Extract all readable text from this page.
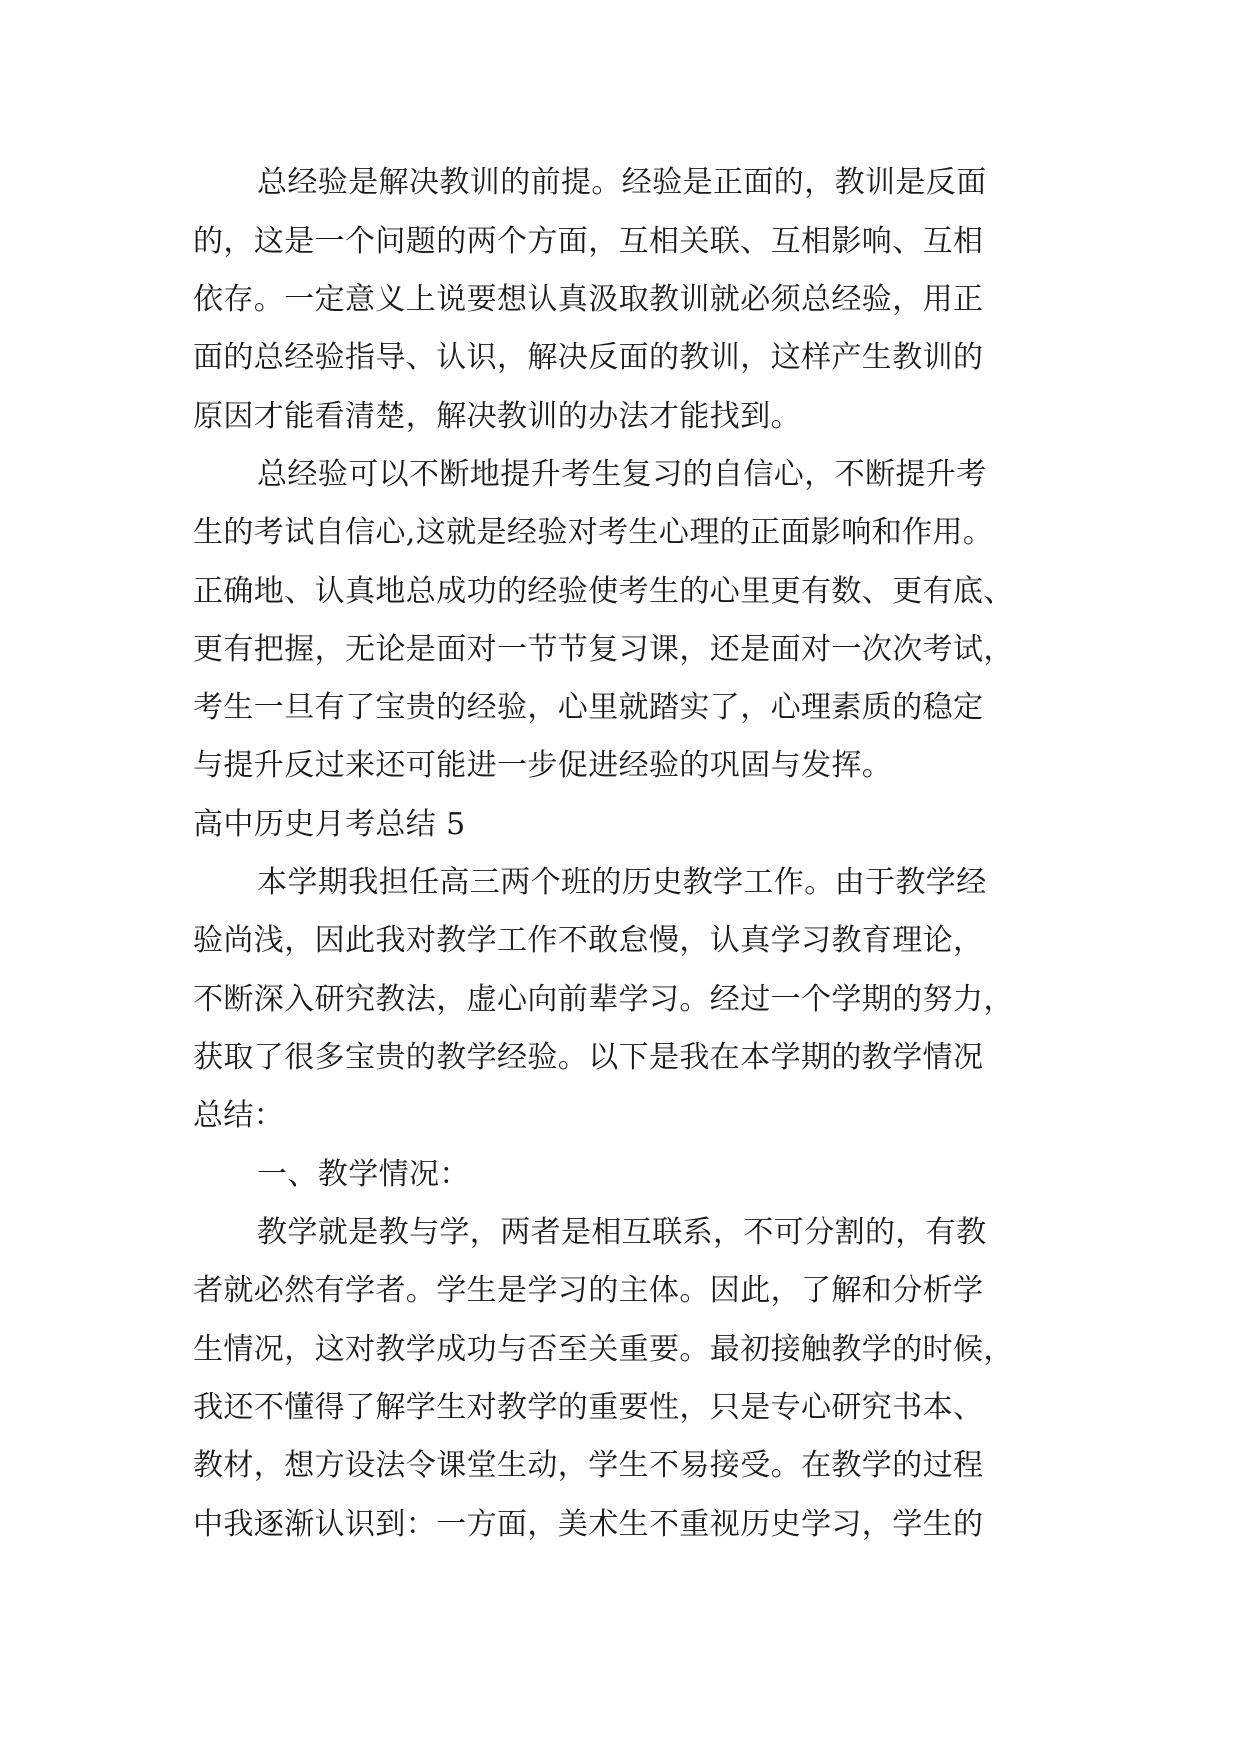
总经验是解决教训的前提。经验是正面的，教训是反面
的，这是一个问题的两个方面，互相关联、互相影响、互相
依存。一定意义上说要想认真汲取教训就必须总经验，用正
面的总经验指导、认识，解决反面的教训，这样产生教训的
原因才能看清楚，解决教训的办法才能找到。
总经验可以不断地提升考生复习的自信心，不断提升考
生的考试自信心,这就是经验对考生心理的正面影响和作用。
正确地、认真地总成功的经验使考生的心里更有数、更有底、
更有把握，无论是面对一节节复习课，还是面对一次次考试，
考生一旦有了宝贵的经验，心里就踏实了，心理素质的稳定
与提升反过来还可能进一步促进经验的巩固与发挥。
高中历史月考总结 5
本学期我担任高三两个班的历史教学工作。由于教学经
验尚浅，因此我对教学工作不敢怠慢，认真学习教育理论，
不断深入研究教法，虚心向前辈学习。经过一个学期的努力，
获取了很多宝贵的教学经验。以下是我在本学期的教学情况
总结：
一、教学情况：
教学就是教与学，两者是相互联系，不可分割的，有教
者就必然有学者。学生是学习的主体。因此，了解和分析学
生情况，这对教学成功与否至关重要。最初接触教学的时候，
我还不懂得了解学生对教学的重要性，只是专心研究书本、
教材，想方设法令课堂生动，学生不易接受。在教学的过程
中我逐渐认识到：一方面，美术生不重视历史学习，学生的
